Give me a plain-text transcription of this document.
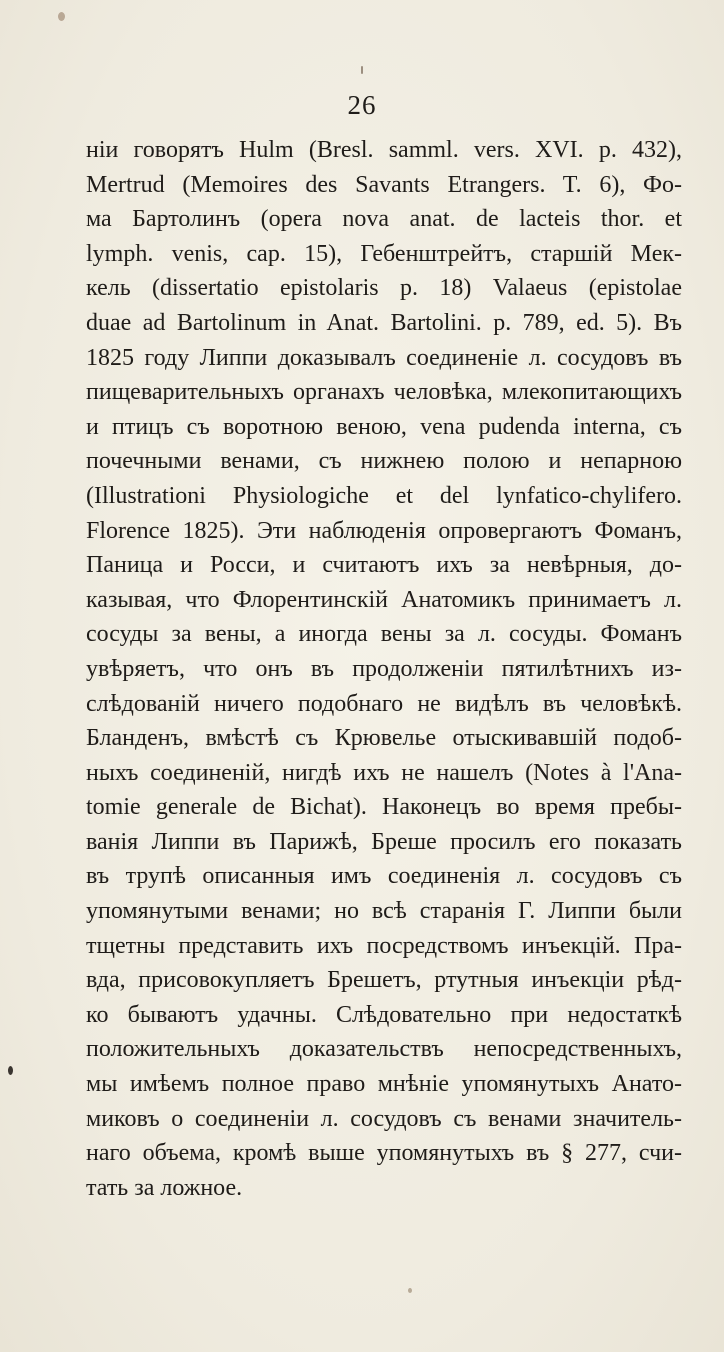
26
ніи говорятъ Hulm (Bresl. samml. vers. XVI. p. 432),
Mertrud (Memoires des Savants Etrangers. T. 6), Фо-
ма Бартолинъ (opera nova anat. de lacteis thor. et
lymph. venis, cap. 15), Гебенштрейтъ, старшій Мек-
кель (dissertatio epistolaris p. 18) Valaeus (epistolae
duae ad Bartolinum in Anat. Bartolini. p. 789, ed. 5). Въ
1825 году Липпи доказывалъ соединеніе л. сосудовъ въ
пищеварительныхъ органахъ человѣка, млекопитающихъ
и птицъ съ воротною веною, vena pudenda interna, съ
почечными венами, съ нижнею полою и непарною
(Illustrationi Physiologiche et del lynfatico-chylifero.
Florence 1825). Эти наблюденія опровергаютъ Фоманъ,
Паница и Росси, и считаютъ ихъ за невѣрныя, до-
казывая, что Флорентинскій Анатомикъ принимаетъ л.
сосуды за вены, а иногда вены за л. сосуды. Фоманъ
увѣряетъ, что онъ въ продолженіи пятилѣтнихъ из-
слѣдованій ничего подобнаго не видѣлъ въ человѣкѣ.
Бланденъ, вмѣстѣ съ Крювелье отыскивавшій подоб-
ныхъ соединеній, нигдѣ ихъ не нашелъ (Notes à l'Ana-
tomie generale de Bichat). Наконецъ во время пребы-
ванія Липпи въ Парижѣ, Бреше просилъ его показать
въ трупѣ описанныя имъ соединенія л. сосудовъ съ
упомянутыми венами; но всѣ старанія Г. Липпи были
тщетны представить ихъ посредствомъ инъекцій. Пра-
вда, присовокупляетъ Брешетъ, ртутныя инъекціи рѣд-
ко бываютъ удачны. Слѣдовательно при недостаткѣ
положительныхъ доказательствъ непосредственныхъ,
мы имѣемъ полное право мнѣніе упомянутыхъ Анато-
миковъ о соединеніи л. сосудовъ съ венами значитель-
наго объема, кромѣ выше упомянутыхъ въ § 277, счи-
тать за ложное.
